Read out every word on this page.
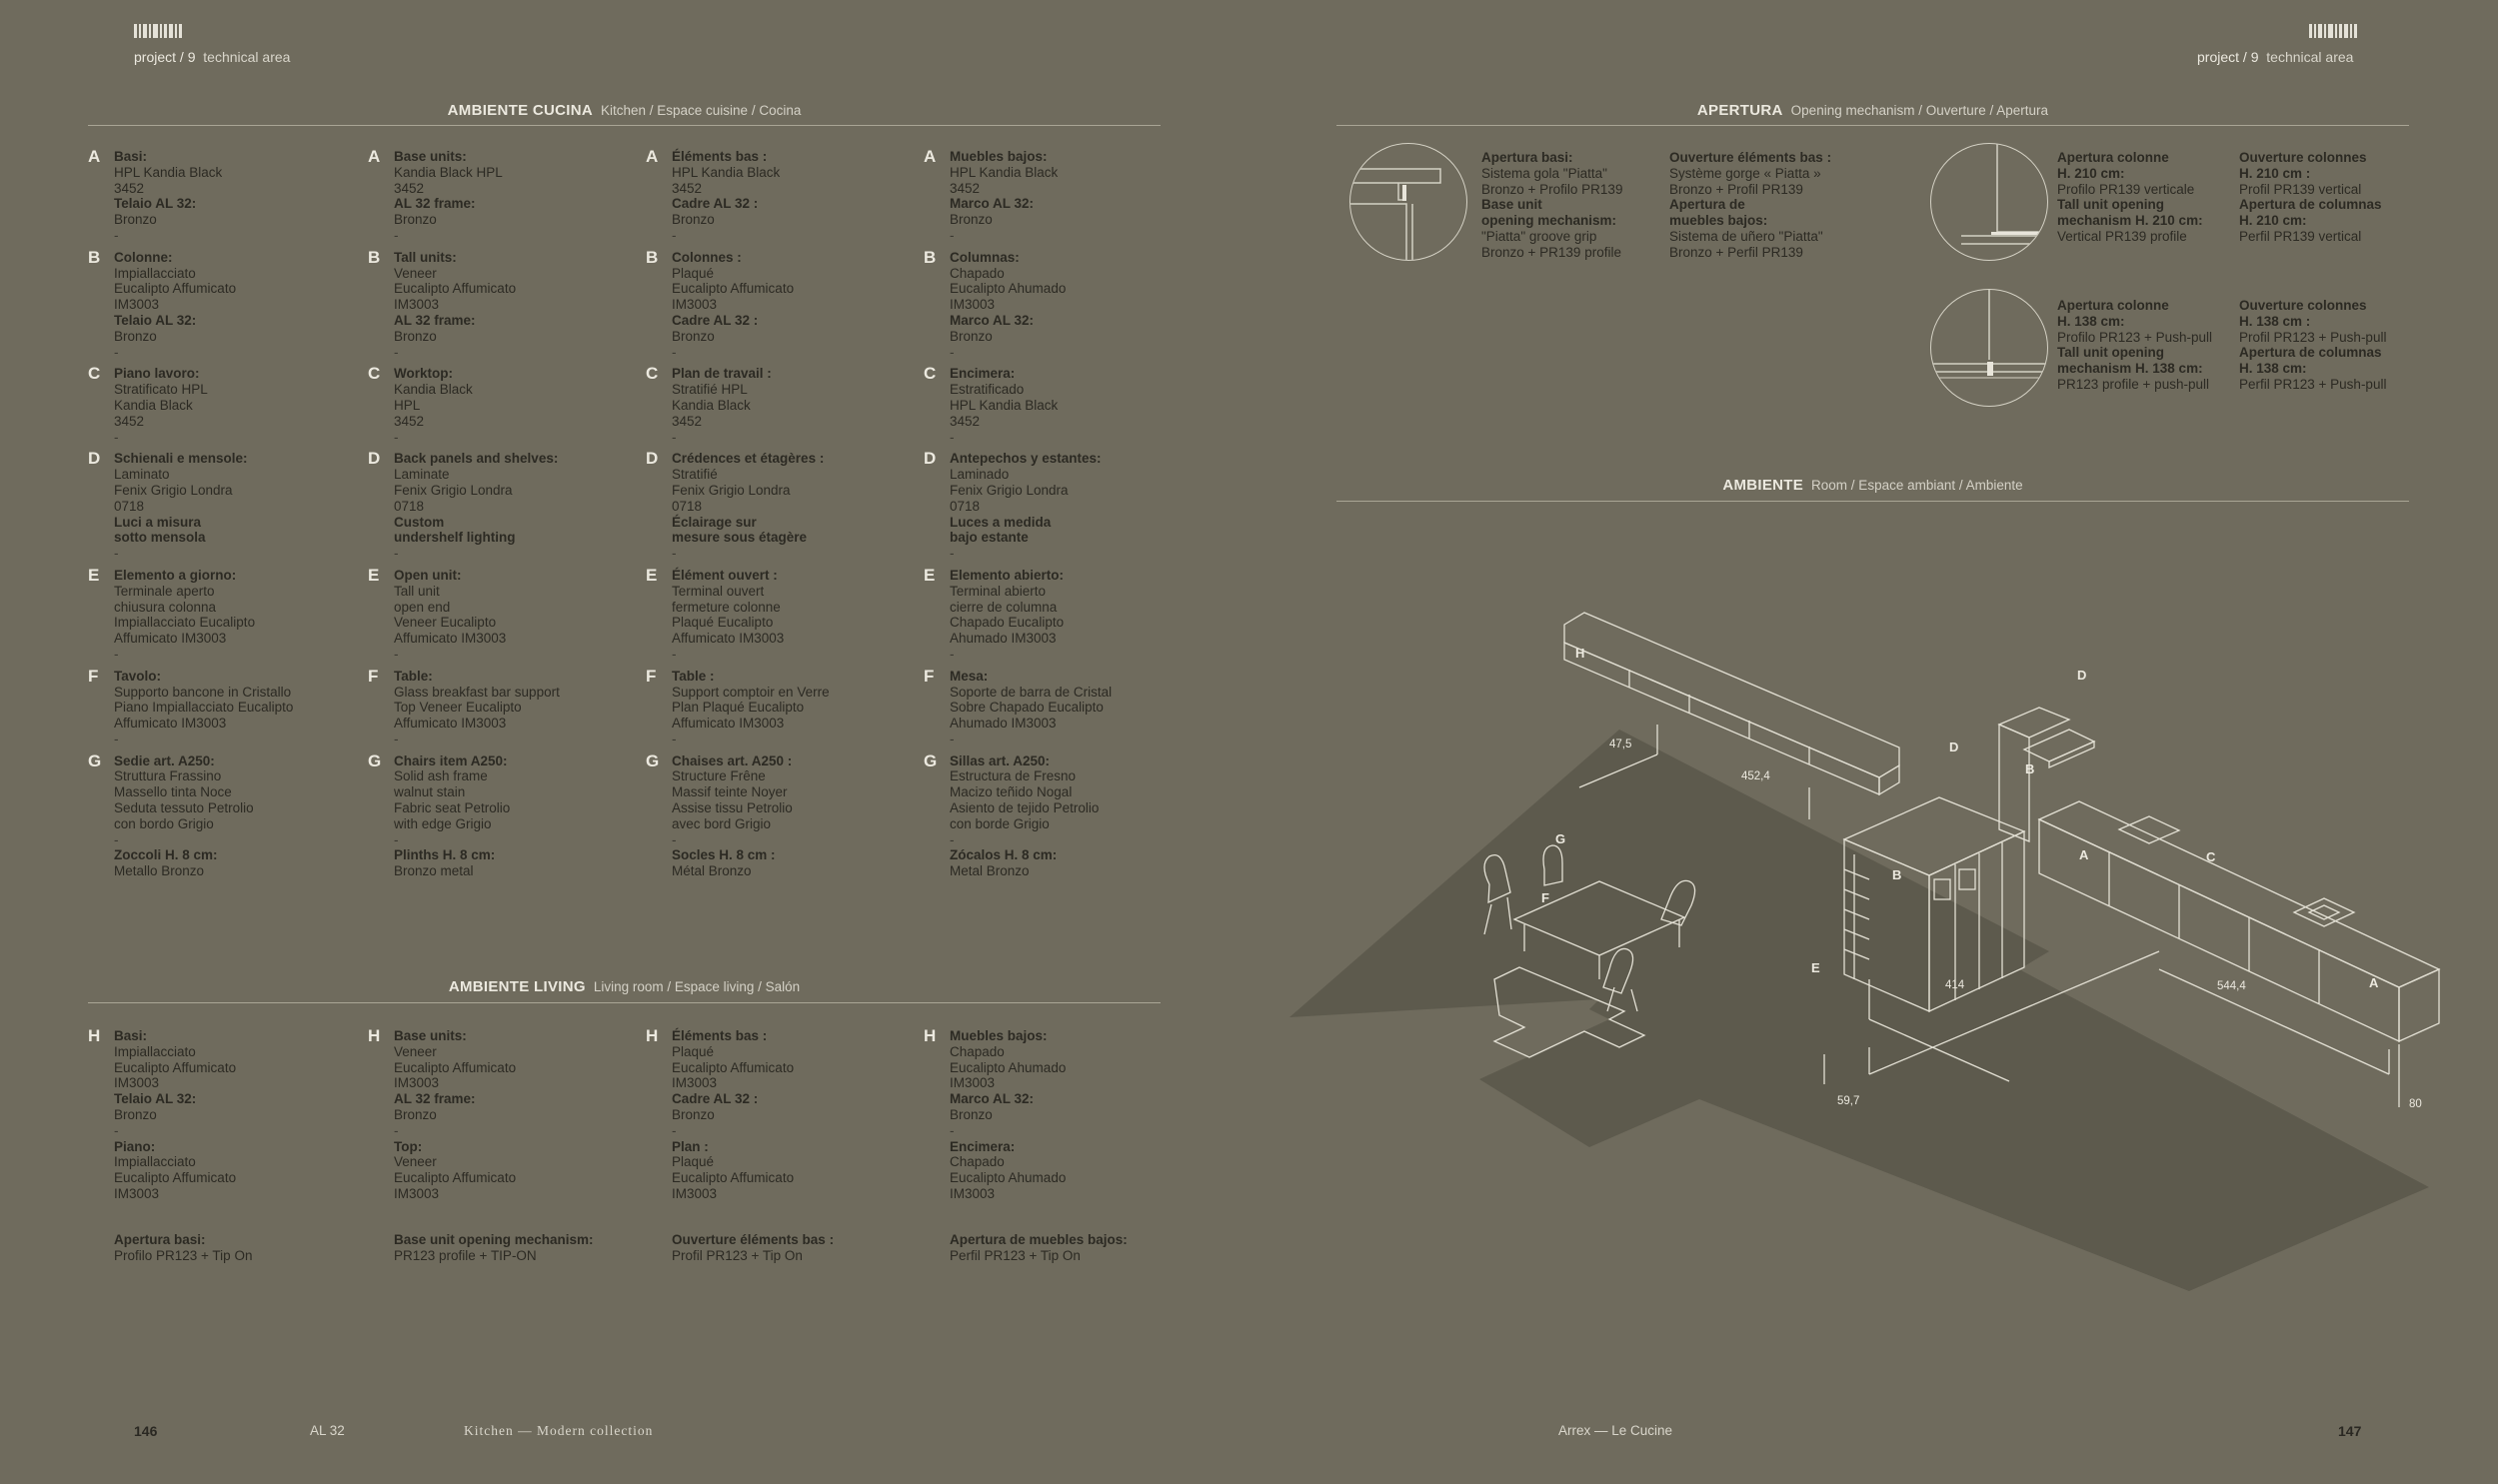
project / 9 technical area	project / 9 technical area
AMBIENTE CUCINA Kitchen / Espace cuisine / Cocina
A	Basi:
HPL Kandia Black
3452
Telaio AL 32:
Bronzo
-
B	Colonne:
Impiallacciato
Eucalipto Affumicato
IM3003
Telaio AL 32:
Bronzo
-
C	Piano lavoro:
Stratificato HPL
Kandia Black
3452
-
D	Schienali e mensole:
Laminato
Fenix Grigio Londra
0718
Luci a misura
sotto mensola
-
E	Elemento a giorno:
Terminale aperto
chiusura colonna
Impiallacciato Eucalipto
Affumicato IM3003
-
F	Tavolo:
Supporto bancone in Cristallo
Piano Impiallacciato Eucalipto
Affumicato IM3003
-
G Sedie art. A250:
Struttura Frassino
Massello tinta Noce
Seduta tessuto Petrolio
con bordo Grigio
-
Zoccoli H. 8 cm:
Metallo Bronzo
A	Base units:
Kandia Black HPL
3452
AL 32 frame:
Bronzo
-
B	Tall units:
Veneer
Eucalipto Affumicato
IM3003
AL 32 frame:
Bronzo
-
C	Worktop:
Kandia Black
HPL
3452
-
D	Back panels and shelves:
Laminate
Fenix Grigio Londra
0718
Custom
undershelf lighting
-
E	Open unit:
Tall unit
open end
Veneer Eucalipto
Affumicato IM3003
-
F	Table:
Glass breakfast bar support
Top Veneer Eucalipto
Affumicato IM3003
-
G Chairs item A250:
Solid ash frame
walnut stain
Fabric seat Petrolio
with edge Grigio
-
Plinths H. 8 cm:
Bronzo metal
A	Éléments bas :
HPL Kandia Black
3452
Cadre AL 32 :
Bronzo
-
B	Colonnes :
Plaqué
Eucalipto Affumicato
IM3003
Cadre AL 32 :
Bronzo
-
C	Plan de travail :
Stratifié HPL
Kandia Black
3452
-
D	Crédences et étagères :
Stratifié
Fenix Grigio Londra
0718
Éclairage sur
mesure sous étagère
-
E	Élément ouvert :
Terminal ouvert
fermeture colonne
Plaqué Eucalipto
Affumicato IM3003
-
F	Table :
Support comptoir en Verre
Plan Plaqué Eucalipto
Affumicato IM3003
-
G Chaises art. A250 :
Structure Frêne
Massif teinte Noyer
Assise tissu Petrolio
avec bord Grigio
-
Socles H. 8 cm :
Métal Bronzo
A	Muebles bajos:
HPL Kandia Black
3452
Marco AL 32:
Bronzo
-
B	Columnas:
Chapado
Eucalipto Ahumado
IM3003
Marco AL 32:
Bronzo
-
C	Encimera:
Estratificado
HPL Kandia Black
3452
-
D	Antepechos y estantes:
Laminado
Fenix Grigio Londra
0718
Luces a medida
bajo estante
-
E	Elemento abierto:
Terminal abierto
cierre de columna
Chapado Eucalipto
Ahumado IM3003
-
F	Mesa:
Soporte de barra de Cristal
Sobre Chapado Eucalipto
Ahumado IM3003
-
G Sillas art. A250:
Estructura de Fresno
Macizo teñido Nogal
Asiento de tejido Petrolio
con borde Grigio
-
Zócalos H. 8 cm:
Metal Bronzo
AMBIENTE LIVING Living room / Espace living / Salón
H	Basi:
Impiallacciato
Eucalipto Affumicato
IM3003
Telaio AL 32:
Bronzo
-
Piano:
Impiallacciato
Eucalipto Affumicato
IM3003
Apertura basi:
Profilo PR123 + Tip On
H	Base units:
Veneer
Eucalipto Affumicato
IM3003
AL 32 frame:
Bronzo
-
Top:
Veneer
Eucalipto Affumicato
IM3003
Base unit opening mechanism:
PR123 profile + TIP-ON
H	Éléments bas :
Plaqué
Eucalipto Affumicato
IM3003
Cadre AL 32 :
Bronzo
-
Plan :
Plaqué
Eucalipto Affumicato
IM3003
Ouverture éléments bas :
Profil PR123 + Tip On
H	Muebles bajos:
Chapado
Eucalipto Ahumado
IM3003
Marco AL 32:
Bronzo
-
Encimera:
Chapado
Eucalipto Ahumado
IM3003
Apertura de muebles bajos:
Perfil PR123 + Tip On
APERTURA Opening mechanism / Ouverture / Apertura
Apertura basi:
Sistema gola "Piatta"
Bronzo + Profilo PR139
Base unit
opening mechanism:
"Piatta" groove grip
Bronzo + PR139 profile
Ouverture éléments bas :
Système gorge « Piatta »
Bronzo + Profil PR139
Apertura de
muebles bajos:
Sistema de uñero "Piatta"
Bronzo + Perfil PR139
Apertura colonne
H. 210 cm:
Profilo PR139 verticale
Tall unit opening
mechanism H. 210 cm:
Vertical PR139 profile
Ouverture colonnes
H. 210 cm :
Profil PR139 vertical
Apertura de columnas
H. 210 cm:
Perfil PR139 vertical
Apertura colonne
H. 138 cm:
Profilo PR123 + Push-pull
Tall unit opening
mechanism H. 138 cm:
PR123 profile + push-pull
Ouverture colonnes
H. 138 cm :
Profil PR123 + Push-pull
Apertura de columnas
H. 138 cm:
Perfil PR123 + Push-pull
AMBIENTE Room / Espace ambiant / Ambiente
H
D
D
B
B
A	C
A
E
F
G
47,5
452,4
414	544,4
59,7	80
146	AL 32	Kitchen — Modern collection	Arrex — Le Cucine	147
